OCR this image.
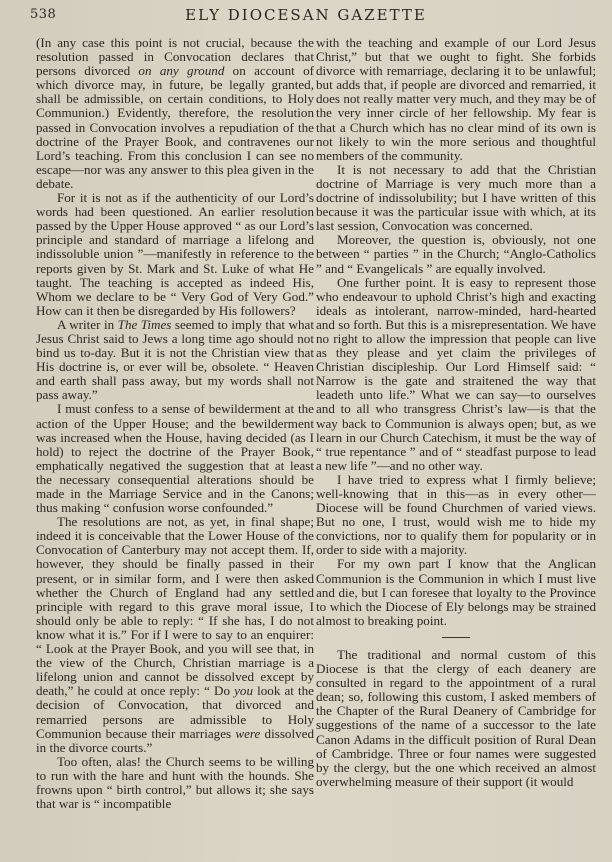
538	ELY DIOCESAN GAZETTE

(In any case this point is not crucial, because the resolution passed in Convocation declares that persons divorced on any ground on account of which divorce may, in future, be legally granted, shall be admissible, on certain conditions, to Holy Communion.) Evidently, therefore, the resolution passed in Convocation involves a repudiation of the doctrine of the Prayer Book, and contravenes our Lord’s teaching. From this conclusion I can see no escape—nor was any answer to this plea given in the debate.

For it is not as if the authenticity of our Lord’s words had been questioned. An earlier resolution passed by the Upper House approved “ as our Lord’s principle and standard of marriage a lifelong and indissoluble union ”—manifestly in reference to the reports given by St. Mark and St. Luke of what He taught. The teaching is accepted as indeed His, Whom we declare to be “ Very God of Very God.” How can it then be disregarded by His followers?

A writer in The Times seemed to imply that what Jesus Christ said to Jews a long time ago should not bind us to-day. But it is not the Christian view that His doctrine is, or ever will be, obsolete. “ Heaven and earth shall pass away, but my words shall not pass away.”

I must confess to a sense of bewilderment at the action of the Upper House; and the bewilderment was increased when the House, having decided (as I hold) to reject the doctrine of the Prayer Book, emphatically negatived the suggestion that at least the necessary consequential alterations should be made in the Marriage Service and in the Canons; thus making “ confusion worse confounded.”

The resolutions are not, as yet, in final shape; indeed it is conceivable that the Lower House of the Convocation of Canterbury may not accept them. If, however, they should be finally passed in their present, or in similar form, and I were then asked whether the Church of England had any settled principle with regard to this grave moral issue, I should only be able to reply: “ If she has, I do not know what it is.” For if I were to say to an enquirer: “ Look at the Prayer Book, and you will see that, in the view of the Church, Christian marriage is a lifelong union and cannot be dissolved except by death,” he could at once reply: “ Do you look at the decision of Convocation, that divorced and remarried persons are admissible to Holy Communion because their marriages were dissolved in the divorce courts.”

Too often, alas! the Church seems to be willing to run with the hare and hunt with the hounds. She frowns upon “ birth control,” but allows it; she says that war is “ incompatible

with the teaching and example of our Lord Jesus Christ,” but that we ought to fight. She forbids divorce with remarriage, declaring it to be unlawful; but adds that, if people are divorced and remarried, it does not really matter very much, and they may be of the very inner circle of her fellowship. My fear is that a Church which has no clear mind of its own is not likely to win the more serious and thoughtful members of the community.

It is not necessary to add that the Christian doctrine of Marriage is very much more than a doctrine of indissolubility; but I have written of this because it was the particular issue with which, at its last session, Convocation was concerned.

Moreover, the question is, obviously, not one between “ parties ” in the Church; “Anglo-Catholics ” and “ Evangelicals ” are equally involved.

One further point. It is easy to represent those who endeavour to uphold Christ’s high and exacting ideals as intolerant, narrow-minded, hard-hearted and so forth. But this is a misrepresentation. We have no right to allow the impression that people can live as they please and yet claim the privileges of Christian discipleship. Our Lord Himself said: “ Narrow is the gate and straitened the way that leadeth unto life.” What we can say—to ourselves and to all who transgress Christ’s law—is that the way back to Communion is always open; but, as we learn in our Church Catechism, it must be the way of “ true repentance ” and of “ steadfast purpose to lead a new life ”—and no other way.

I have tried to express what I firmly believe; well-knowing that in this—as in every other—Diocese will be found Churchmen of varied views. But no one, I trust, would wish me to hide my convictions, nor to qualify them for popularity or in order to side with a majority.

For my own part I know that the Anglican Communion is the Communion in which I must live and die, but I can foresee that loyalty to the Province to which the Diocese of Ely belongs may be strained almost to breaking point.

The traditional and normal custom of this Diocese is that the clergy of each deanery are consulted in regard to the appointment of a rural dean; so, following this custom, I asked members of the Chapter of the Rural Deanery of Cambridge for suggestions of the name of a successor to the late Canon Adams in the difficult position of Rural Dean of Cambridge. Three or four names were suggested by the clergy, but the one which received an almost overwhelming measure of their support (it would
